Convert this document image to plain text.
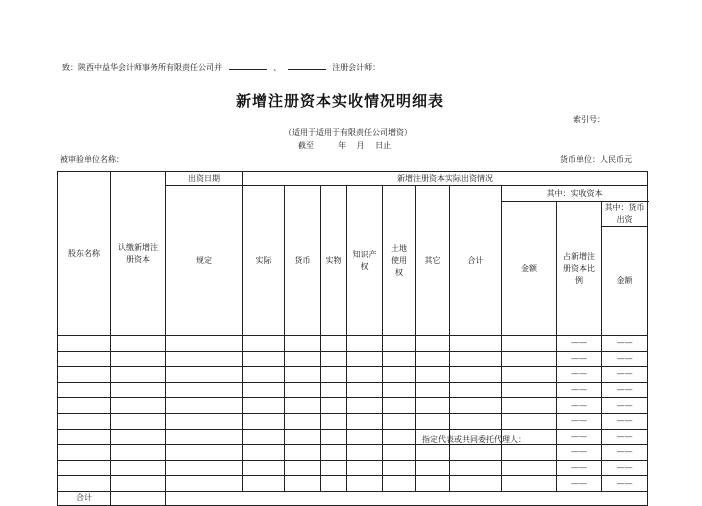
致：陕西中益华会计师事务所有限责任公司并	、	注册会计师：
新增注册资本实收情况明细表
索引号：
（适用于适用于有限责任公司增资）
截至　　　年　 月　 日止
被审验单位名称：	货币单位：人民币元
股东名称	认缴新增注册资本	出资日期	新增注册资本实际出资情况										
		规定	实际	货币	实物	知识产权	土地使用权	其它	合计	其中：实收资本			
										金额	占新增注册资本比例	其中：货币出资	
												金额	
											——	——	
											——	——	
											——	——	
											——	——	
											——	——	
											——	——	
											——	——	
											——	——	
											——	——	
											——	——	
合计													
指定代表或共同委托代理人：
